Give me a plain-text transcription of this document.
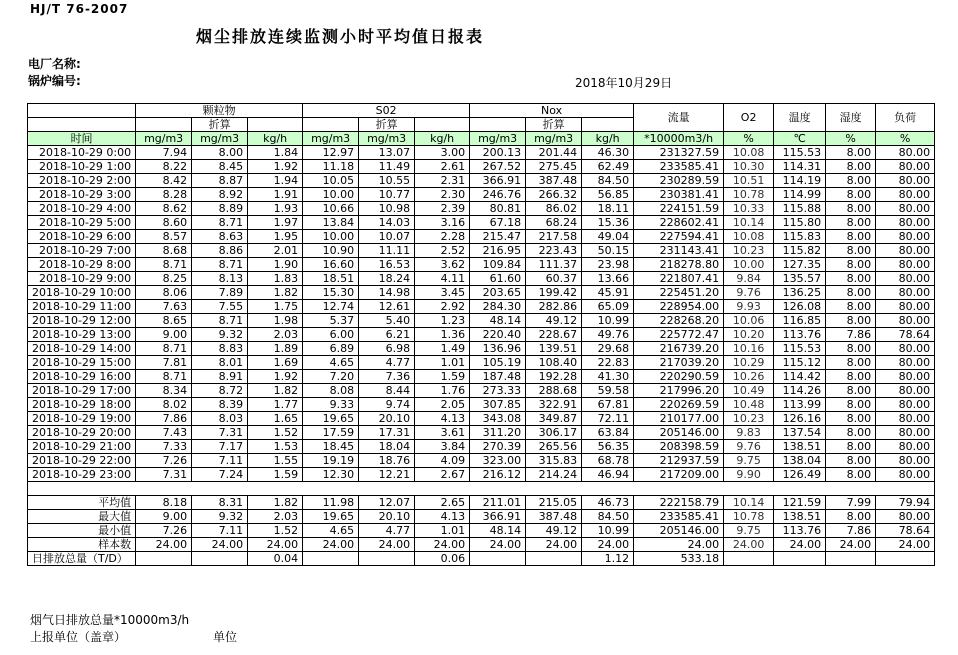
HJ/T 76-2007
烟尘排放连续监测小时平均值日报表
电厂名称:
锅炉编号:	2018年10月29日
	颗粒物			S02			Nox			流量	O2	温度	湿度	负荷
		折算			折算			折算						
时间	mg/m3	mg/m3	kg/h	mg/m3	mg/m3	kg/h	mg/m3	mg/m3	kg/h	*10000m3/h	%	℃	%	%
2018-10-29 0:00	7.94	8.00	1.84	12.97	13.07	3.00	200.13	201.44	46.30	231327.59	10.08	115.53	8.00	80.00
2018-10-29 1:00	8.22	8.45	1.92	11.18	11.49	2.61	267.52	275.45	62.49	233585.41	10.30	114.31	8.00	80.00
2018-10-29 2:00	8.42	8.87	1.94	10.05	10.55	2.31	366.91	387.48	84.50	230289.59	10.51	114.19	8.00	80.00
2018-10-29 3:00	8.28	8.92	1.91	10.00	10.77	2.30	246.76	266.32	56.85	230381.41	10.78	114.99	8.00	80.00
2018-10-29 4:00	8.62	8.89	1.93	10.66	10.98	2.39	80.81	86.02	18.11	224151.59	10.33	115.88	8.00	80.00
2018-10-29 5:00	8.60	8.71	1.97	13.84	14.03	3.16	67.18	68.24	15.36	228602.41	10.14	115.80	8.00	80.00
2018-10-29 6:00	8.57	8.63	1.95	10.00	10.07	2.28	215.47	217.58	49.04	227594.41	10.08	115.83	8.00	80.00
2018-10-29 7:00	8.68	8.86	2.01	10.90	11.11	2.52	216.95	223.43	50.15	231143.41	10.23	115.82	8.00	80.00
2018-10-29 8:00	8.71	8.71	1.90	16.60	16.53	3.62	109.84	111.37	23.98	218278.80	10.00	127.35	8.00	80.00
2018-10-29 9:00	8.25	8.13	1.83	18.51	18.24	4.11	61.60	60.37	13.66	221807.41	9.84	135.57	8.00	80.00
2018-10-29 10:00	8.06	7.89	1.82	15.30	14.98	3.45	203.65	199.42	45.91	225451.20	9.76	136.25	8.00	80.00
2018-10-29 11:00	7.63	7.55	1.75	12.74	12.61	2.92	284.30	282.86	65.09	228954.00	9.93	126.08	8.00	80.00
2018-10-29 12:00	8.65	8.71	1.98	5.37	5.40	1.23	48.14	49.12	10.99	228268.20	10.06	116.85	8.00	80.00
2018-10-29 13:00	9.00	9.32	2.03	6.00	6.21	1.36	220.40	228.67	49.76	225772.47	10.20	113.76	7.86	78.64
2018-10-29 14:00	8.71	8.83	1.89	6.89	6.98	1.49	136.96	139.51	29.68	216739.20	10.16	115.53	8.00	80.00
2018-10-29 15:00	7.81	8.01	1.69	4.65	4.77	1.01	105.19	108.40	22.83	217039.20	10.29	115.12	8.00	80.00
2018-10-29 16:00	8.71	8.91	1.92	7.20	7.36	1.59	187.48	192.28	41.30	220290.59	10.26	114.42	8.00	80.00
2018-10-29 17:00	8.34	8.72	1.82	8.08	8.44	1.76	273.33	288.68	59.58	217996.20	10.49	114.26	8.00	80.00
2018-10-29 18:00	8.02	8.39	1.77	9.33	9.74	2.05	307.85	322.91	67.81	220269.59	10.48	113.99	8.00	80.00
2018-10-29 19:00	7.86	8.03	1.65	19.65	20.10	4.13	343.08	349.87	72.11	210177.00	10.23	126.16	8.00	80.00
2018-10-29 20:00	7.43	7.31	1.52	17.59	17.31	3.61	311.20	306.17	63.84	205146.00	9.83	137.54	8.00	80.00
2018-10-29 21:00	7.33	7.17	1.53	18.45	18.04	3.84	270.39	265.56	56.35	208398.59	9.76	138.51	8.00	80.00
2018-10-29 22:00	7.26	7.11	1.55	19.19	18.76	4.09	323.00	315.83	68.78	212937.59	9.75	138.04	8.00	80.00
2018-10-29 23:00	7.31	7.24	1.59	12.30	12.21	2.67	216.12	214.24	46.94	217209.00	9.90	126.49	8.00	80.00

平均值	8.18	8.31	1.82	11.98	12.07	2.65	211.01	215.05	46.73	222158.79	10.14	121.59	7.99	79.94
最大值	9.00	9.32	2.03	19.65	20.10	4.13	366.91	387.48	84.50	233585.41	10.78	138.51	8.00	80.00
最小值	7.26	7.11	1.52	4.65	4.77	1.01	48.14	49.12	10.99	205146.00	9.75	113.76	7.86	78.64
样本数	24.00	24.00	24.00	24.00	24.00	24.00	24.00	24.00	24.00	24.00	24.00	24.00	24.00	24.00
日排放总量（T/D）			0.04			0.06			1.12	533.18				
烟气日排放总量*10000m3/h
上报单位（盖章）	单位
